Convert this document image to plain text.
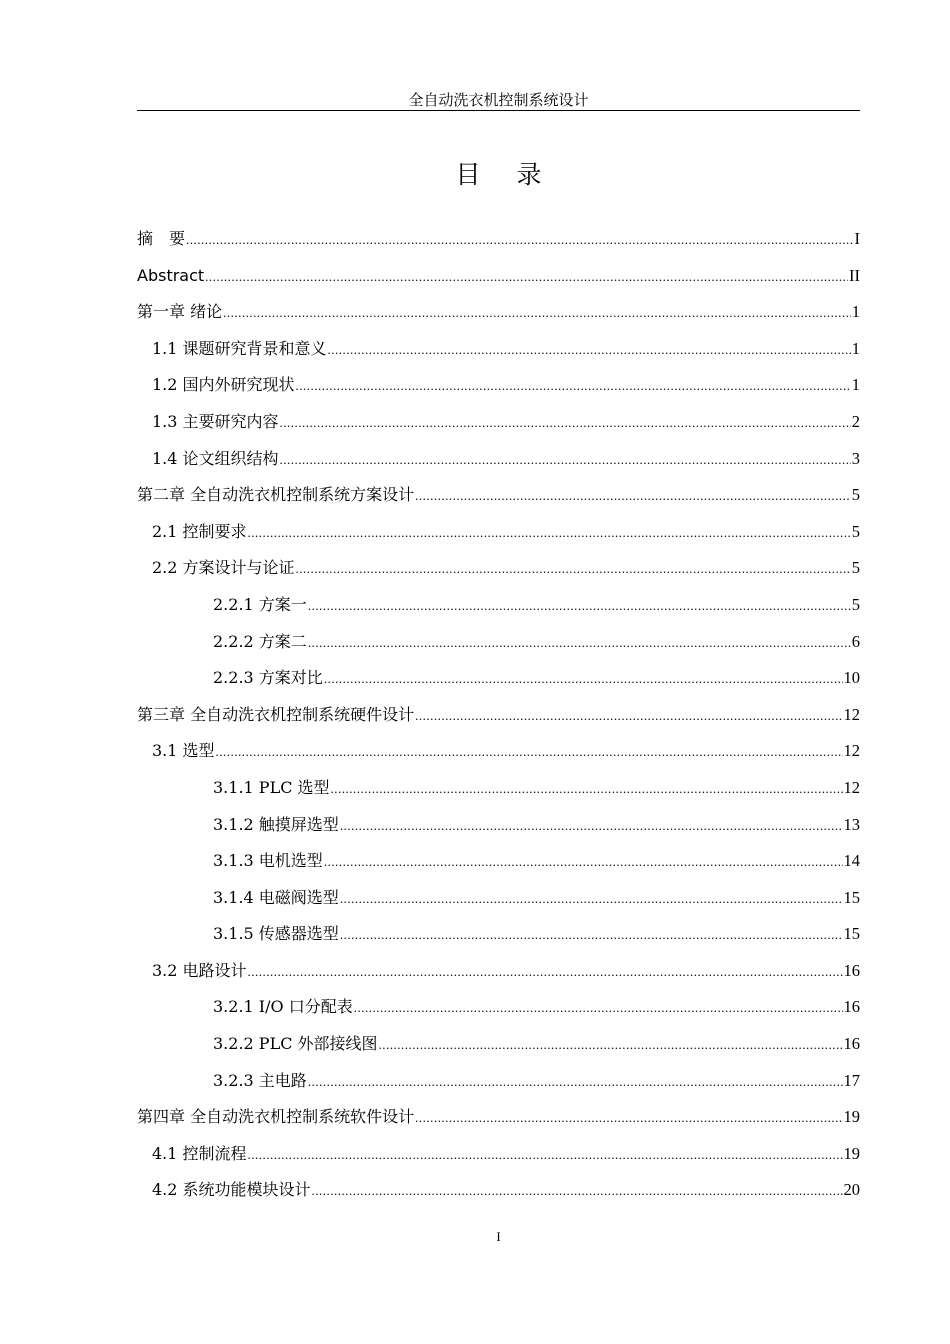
全自动洗衣机控制系统设计
目 录
摘　要 .....	I
Abstract .....	II
第一章 绪论 .....	1
1.1 课题研究背景和意义 .....	1
1.2 国内外研究现状 .....	1
1.3 主要研究内容 .....	2
1.4 论文组织结构 .....	3
第二章 全自动洗衣机控制系统方案设计 .....	5
2.1 控制要求 .....	5
2.2 方案设计与论证 .....	5
2.2.1 方案一 .....	5
2.2.2 方案二 .....	6
2.2.3 方案对比 .....	10
第三章 全自动洗衣机控制系统硬件设计 .....	12
3.1 选型 .....	12
3.1.1 PLC 选型 .....	12
3.1.2 触摸屏选型 .....	13
3.1.3 电机选型 .....	14
3.1.4 电磁阀选型 .....	15
3.1.5 传感器选型 .....	15
3.2 电路设计 .....	16
3.2.1 I/O 口分配表 .....	16
3.2.2 PLC 外部接线图 .....	16
3.2.3 主电路 .....	17
第四章 全自动洗衣机控制系统软件设计 .....	19
4.1 控制流程 .....	19
4.2 系统功能模块设计 .....	20
I
